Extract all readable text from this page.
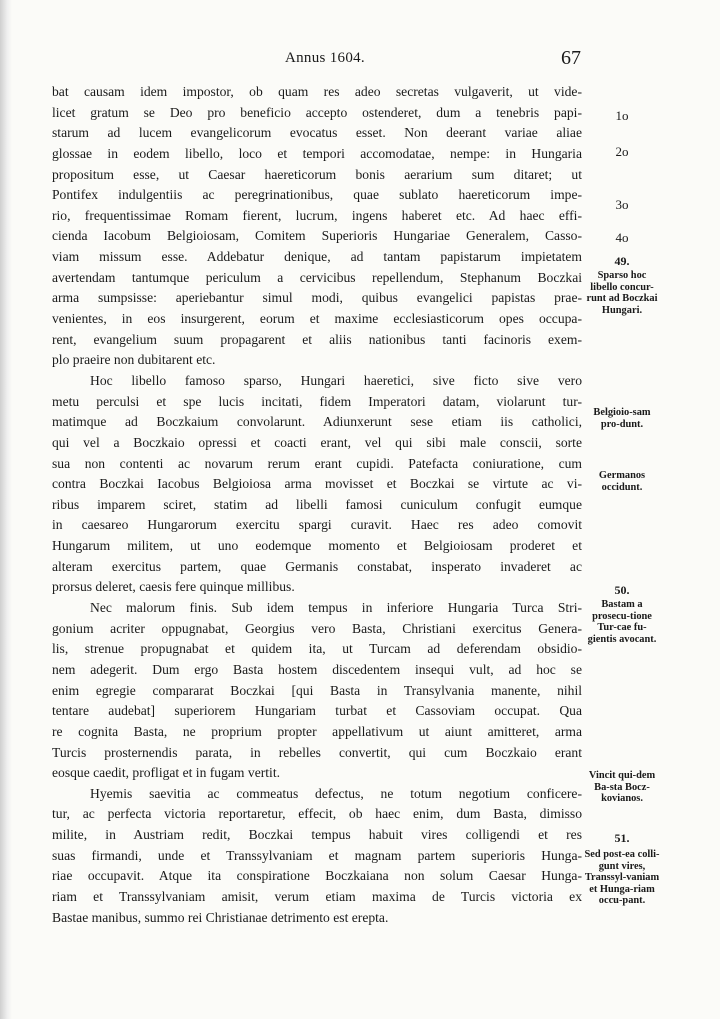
Annus 1604.	67
bat causam idem impostor, ob quam res adeo secretas vulgaverit, ut vide-
licet gratum se Deo pro beneficio accepto ostenderet, dum a tenebris papi-
starum ad lucem evangelicorum evocatus esset. Non deerant variae aliae
glossae in eodem libello, loco et tempori accomodatae, nempe: in Hungaria
propositum esse, ut Caesar haereticorum bonis aerarium sum ditaret; ut
Pontifex indulgentiis ac peregrinationibus, quae sublato haereticorum impe-
rio, frequentissimae Romam fierent, lucrum, ingens haberet etc. Ad haec effi-
cienda Iacobum Belgioiosam, Comitem Superioris Hungariae Generalem, Casso-
viam missum esse. Addebatur denique, ad tantam papistarum impietatem
avertendam tantumque periculum a cervicibus repellendum, Stephanum Boczkai
arma sumpsisse: aperiebantur simul modi, quibus evangelici papistas prae-
venientes, in eos insurgerent, eorum et maxime ecclesiasticorum opes occupa-
rent, evangelium suum propagarent et aliis nationibus tanti facinoris exem-
plo praeire non dubitarent etc.
Hoc libello famoso sparso, Hungari haeretici, sive ficto sive vero
metu perculsi et spe lucis incitati, fidem Imperatori datam, violarunt tur-
matimque ad Boczkaium convolarunt. Adiunxerunt sese etiam iis catholici,
qui vel a Boczkaio opressi et coacti erant, vel qui sibi male conscii, sorte
sua non contenti ac novarum rerum erant cupidi. Patefacta coniuratione, cum
contra Boczkai Iacobus Belgioiosa arma movisset et Boczkai se virtute ac vi-
ribus imparem sciret, statim ad libelli famosi cuniculum confugit eumque
in caesareo Hungarorum exercitu spargi curavit. Haec res adeo comovit
Hungarum militem, ut uno eodemque momento et Belgioiosam proderet et
alteram exercitus partem, quae Germanis constabat, insperato invaderet ac
prorsus deleret, caesis fere quinque millibus.
Nec malorum finis. Sub idem tempus in inferiore Hungaria Turca Stri-
gonium acriter oppugnabat, Georgius vero Basta, Christiani exercitus Genera-
lis, strenue propugnabat et quidem ita, ut Turcam ad deferendam obsidio-
nem adegerit. Dum ergo Basta hostem discedentem insequi vult, ad hoc se
enim egregie compararat Boczkai [qui Basta in Transylvania manente, nihil
tentare audebat] superiorem Hungariam turbat et Cassoviam occupat. Qua
re cognita Basta, ne proprium propter appellativum ut aiunt amitteret, arma
Turcis prosternendis parata, in rebelles convertit, qui cum Boczkaio erant
eosque caedit, profligat et in fugam vertit.
Hyemis saevitia ac commeatus defectus, ne totum negotium conficere-
tur, ac perfecta victoria reportaretur, effecit, ob haec enim, dum Basta, dimisso
milite, in Austriam redit, Boczkai tempus habuit vires colligendi et res
suas firmandi, unde et Transsylvaniam et magnam partem superioris Hunga-
riae occupavit. Atque ita conspiratione Boczkaiana non solum Caesar Hunga-
riam et Transsylvaniam amisit, verum etiam maxima de Turcis victoria ex
Bastae manibus, summo rei Christianae detrimento est erepta.
1o
2o
3o
4o
49.
Sparso hoc libello concur-runt ad Boczkai Hungari.
Belgioio-sam pro-dunt.
Germanos occidunt.
50.
Bastam a prosecu-tione Tur-cae fu-gientis avocant.
Vincit qui-dem Ba-sta Bocz-kovianos.
51.
Sed post-ea colli-gunt vires, Transsyl-vaniam et Hunga-riam occu-pant.
